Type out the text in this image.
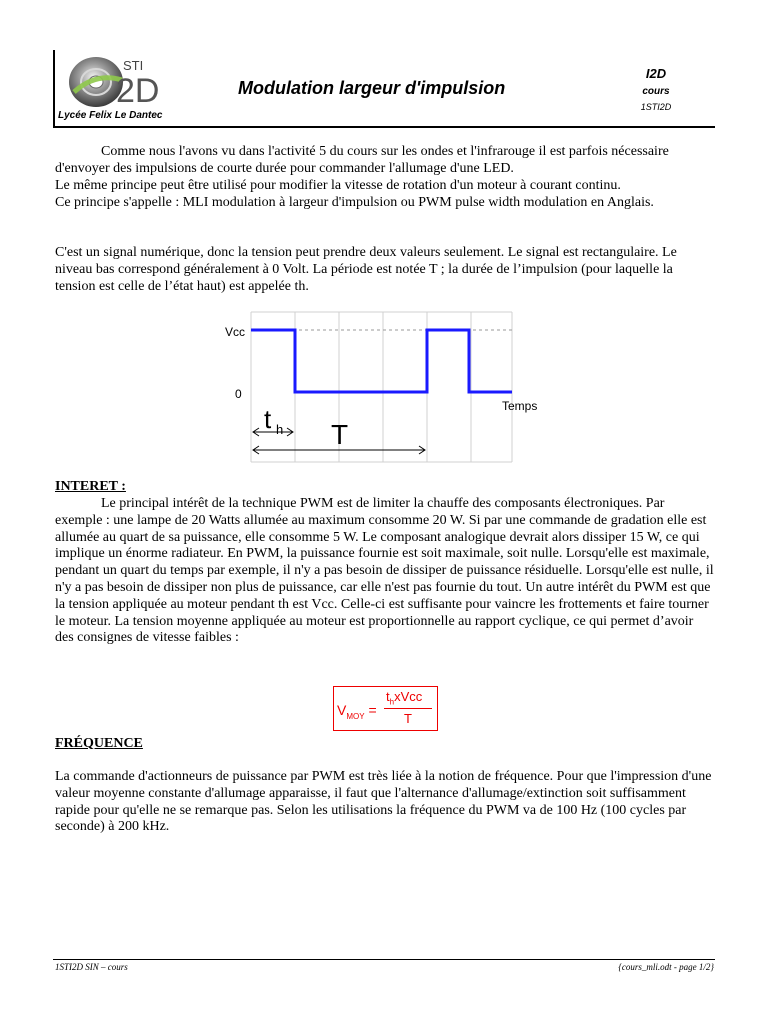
STI
2D
Lycée Felix Le Dantec
Modulation largeur d'impulsion
I2D
cours
1STI2D
Comme nous l'avons vu dans l'activité 5 du cours sur les ondes et l'infrarouge il est parfois nécessaire d'envoyer des impulsions de courte durée pour commander l'allumage d'une LED.
Le même principe peut être utilisé pour modifier la vitesse de rotation d'un moteur à courant continu.
Ce principe s'appelle : MLI modulation à largeur d'impulsion ou PWM pulse width modulation en Anglais.
C'est un signal numérique, donc la tension peut prendre deux valeurs seulement. Le signal est rectangulaire. Le niveau bas correspond généralement à 0 Volt. La période est notée T ; la durée de l’impulsion (pour laquelle la tension est celle de l’état haut) est appelée th.
Vcc
0
Temps
t h T
INTERET :
Le principal intérêt de la technique PWM est de limiter la chauffe des composants électroniques. Par exemple : une lampe de 20 Watts allumée au maximum consomme 20 W. Si par une commande de gradation elle est allumée au quart de sa puissance, elle consomme 5 W. Le composant analogique devrait alors dissiper 15 W, ce qui implique un énorme radiateur. En PWM, la puissance fournie est soit maximale, soit nulle. Lorsqu'elle est maximale, pendant un quart du temps par exemple, il n'y a pas besoin de dissiper de puissance résiduelle. Lorsqu'elle est nulle, il n'y a pas besoin de dissiper non plus de puissance, car elle n'est pas fournie du tout. Un autre intérêt du PWM est que la tension appliquée au moteur pendant th est Vcc. Celle-ci est suffisante pour vaincre les frottements et faire tourner le moteur. La tension moyenne appliquée au moteur est proportionnelle au rapport cyclique, ce qui permet d’avoir des consignes de vitesse faibles :
$V_{MOY}$ =
$t_hxVcc$
T
FRÉQUENCE
La commande d'actionneurs de puissance par PWM est très liée à la notion de fréquence. Pour que l'impression d'une valeur moyenne constante d'allumage apparaisse, il faut que l'alternance d'allumage/extinction soit suffisamment rapide pour qu'elle ne se remarque pas. Selon les utilisations la fréquence du PWM va de 100 Hz (100 cycles par seconde) à 200 kHz.
1STI2D SIN – cours	{cours_mli.odt - page 1/2}
